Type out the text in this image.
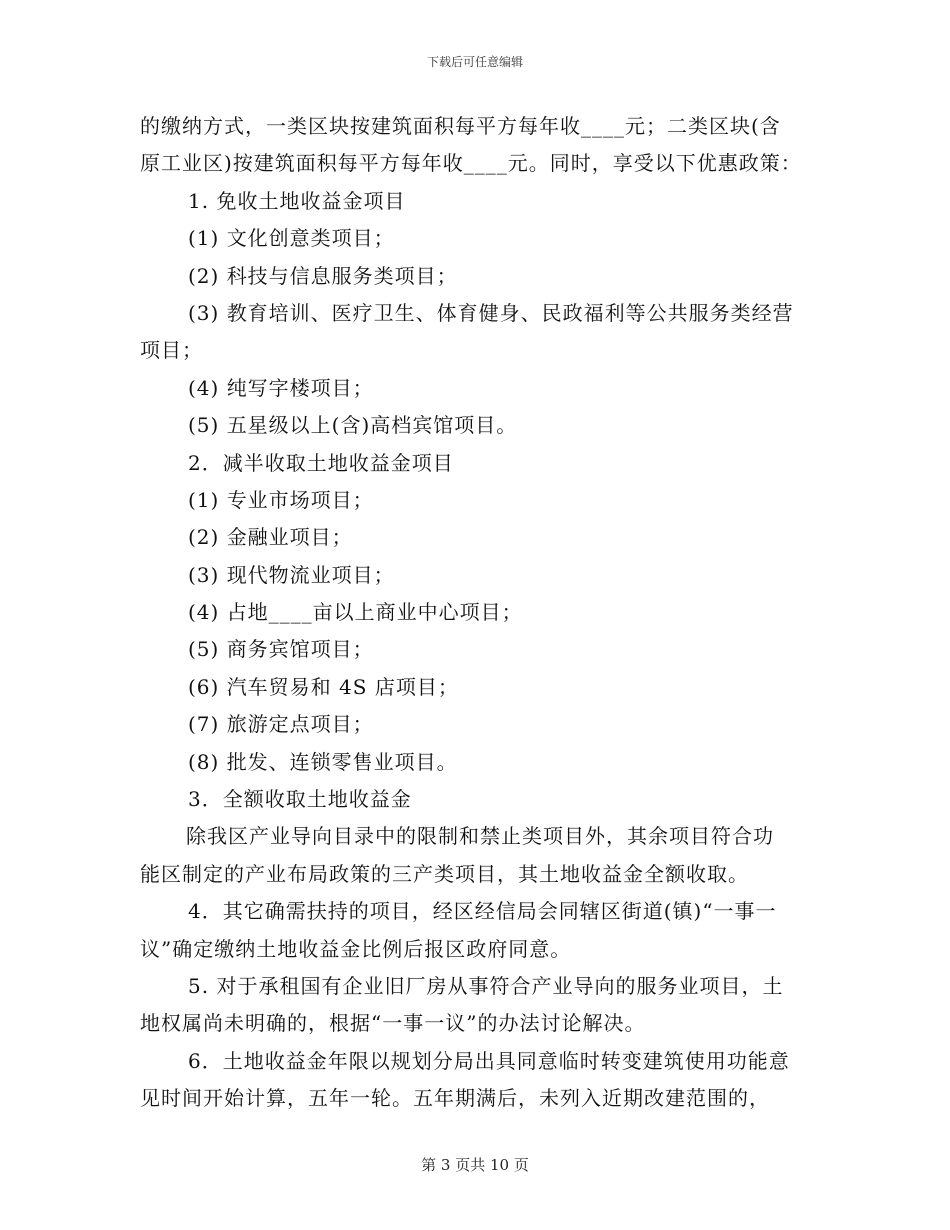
下载后可任意编辑
的缴纳方式，一类区块按建筑面积每平方每年收____元；二类区块(含
原工业区)按建筑面积每平方每年收____元。同时，享受以下优惠政策：
1. 免收土地收益金项目
(1) 文化创意类项目；
(2) 科技与信息服务类项目；
(3) 教育培训、医疗卫生、体育健身、民政福利等公共服务类经营
项目；
(4) 纯写字楼项目；
(5) 五星级以上(含)高档宾馆项目。
2．减半收取土地收益金项目
(1) 专业市场项目；
(2) 金融业项目；
(3) 现代物流业项目；
(4) 占地____亩以上商业中心项目；
(5) 商务宾馆项目；
(6) 汽车贸易和 4S 店项目；
(7) 旅游定点项目；
(8) 批发、连锁零售业项目。
3．全额收取土地收益金
除我区产业导向目录中的限制和禁止类项目外，其余项目符合功
能区制定的产业布局政策的三产类项目，其土地收益金全额收取。
4．其它确需扶持的项目，经区经信局会同辖区街道(镇)“一事一
议”确定缴纳土地收益金比例后报区政府同意。
5. 对于承租国有企业旧厂房从事符合产业导向的服务业项目，土
地权属尚未明确的，根据“一事一议”的办法讨论解决。
6．土地收益金年限以规划分局出具同意临时转变建筑使用功能意
见时间开始计算，五年一轮。五年期满后，未列入近期改建范围的，
第 3 页共 10 页
